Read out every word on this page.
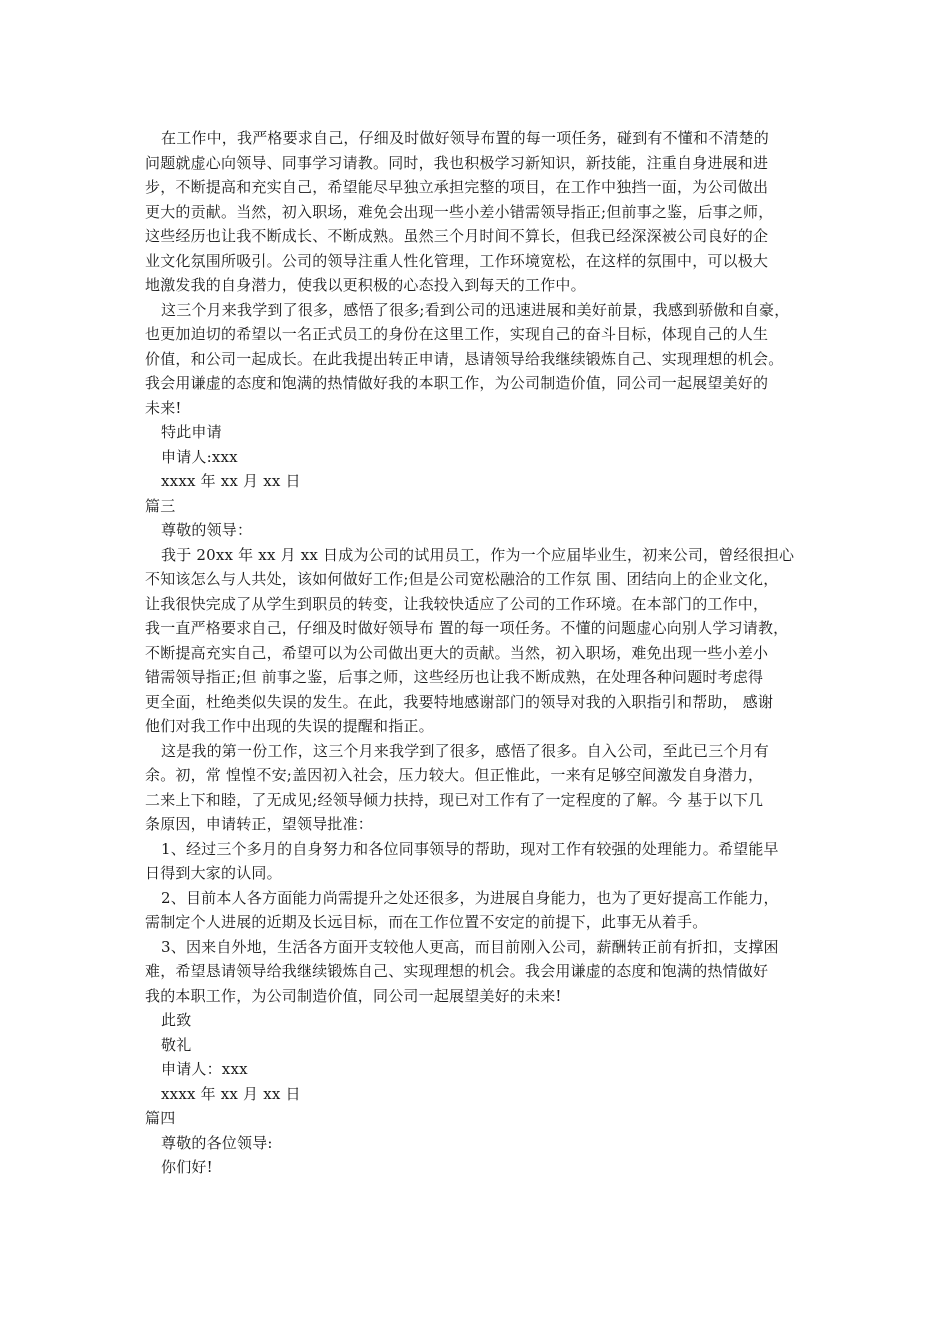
在工作中，我严格要求自己，仔细及时做好领导布置的每一项任务，碰到有不懂和不清楚的
问题就虚心向领导、同事学习请教。同时，我也积极学习新知识，新技能，注重自身进展和进
步，不断提高和充实自己，希望能尽早独立承担完整的项目，在工作中独挡一面，为公司做出
更大的贡献。当然，初入职场，难免会出现一些小差小错需领导指正;但前事之鉴，后事之师，
这些经历也让我不断成长、不断成熟。虽然三个月时间不算长，但我已经深深被公司良好的企
业文化氛围所吸引。公司的领导注重人性化管理，工作环境宽松，在这样的氛围中，可以极大
地激发我的自身潜力，使我以更积极的心态投入到每天的工作中。
这三个月来我学到了很多，感悟了很多;看到公司的迅速进展和美好前景，我感到骄傲和自豪，
也更加迫切的希望以一名正式员工的身份在这里工作，实现自己的奋斗目标，体现自己的人生
价值，和公司一起成长。在此我提出转正申请，恳请领导给我继续锻炼自己、实现理想的机会。
我会用谦虚的态度和饱满的热情做好我的本职工作，为公司制造价值，同公司一起展望美好的
未来!
特此申请
申请人:xxx
xxxx 年 xx 月 xx 日
篇三
尊敬的领导：
我于 20xx 年 xx 月 xx 日成为公司的试用员工，作为一个应届毕业生，初来公司，曾经很担心
不知该怎么与人共处，该如何做好工作;但是公司宽松融洽的工作氛 围、团结向上的企业文化，
让我很快完成了从学生到职员的转变，让我较快适应了公司的工作环境。在本部门的工作中，
我一直严格要求自己，仔细及时做好领导布 置的每一项任务。不懂的问题虚心向别人学习请教，
不断提高充实自己，希望可以为公司做出更大的贡献。当然，初入职场，难免出现一些小差小
错需领导指正;但 前事之鉴，后事之师，这些经历也让我不断成熟，在处理各种问题时考虑得
更全面，杜绝类似失误的发生。在此，我要特地感谢部门的领导对我的入职指引和帮助， 感谢
他们对我工作中出现的失误的提醒和指正。
这是我的第一份工作，这三个月来我学到了很多，感悟了很多。自入公司，至此已三个月有
余。初，常 惶惶不安;盖因初入社会，压力较大。但正惟此，一来有足够空间激发自身潜力，
二来上下和睦，了无成见;经领导倾力扶持，现已对工作有了一定程度的了解。今 基于以下几
条原因，申请转正，望领导批准：
1、经过三个多月的自身努力和各位同事领导的帮助，现对工作有较强的处理能力。希望能早
日得到大家的认同。
2、目前本人各方面能力尚需提升之处还很多，为进展自身能力，也为了更好提高工作能力，
需制定个人进展的近期及长远目标，而在工作位置不安定的前提下，此事无从着手。
3、因来自外地，生活各方面开支较他人更高，而目前刚入公司，薪酬转正前有折扣，支撑困
难，希望恳请领导给我继续锻炼自己、实现理想的机会。我会用谦虚的态度和饱满的热情做好
我的本职工作，为公司制造价值，同公司一起展望美好的未来!
此致
敬礼
申请人：xxx
xxxx 年 xx 月 xx 日
篇四
尊敬的各位领导:
你们好!
